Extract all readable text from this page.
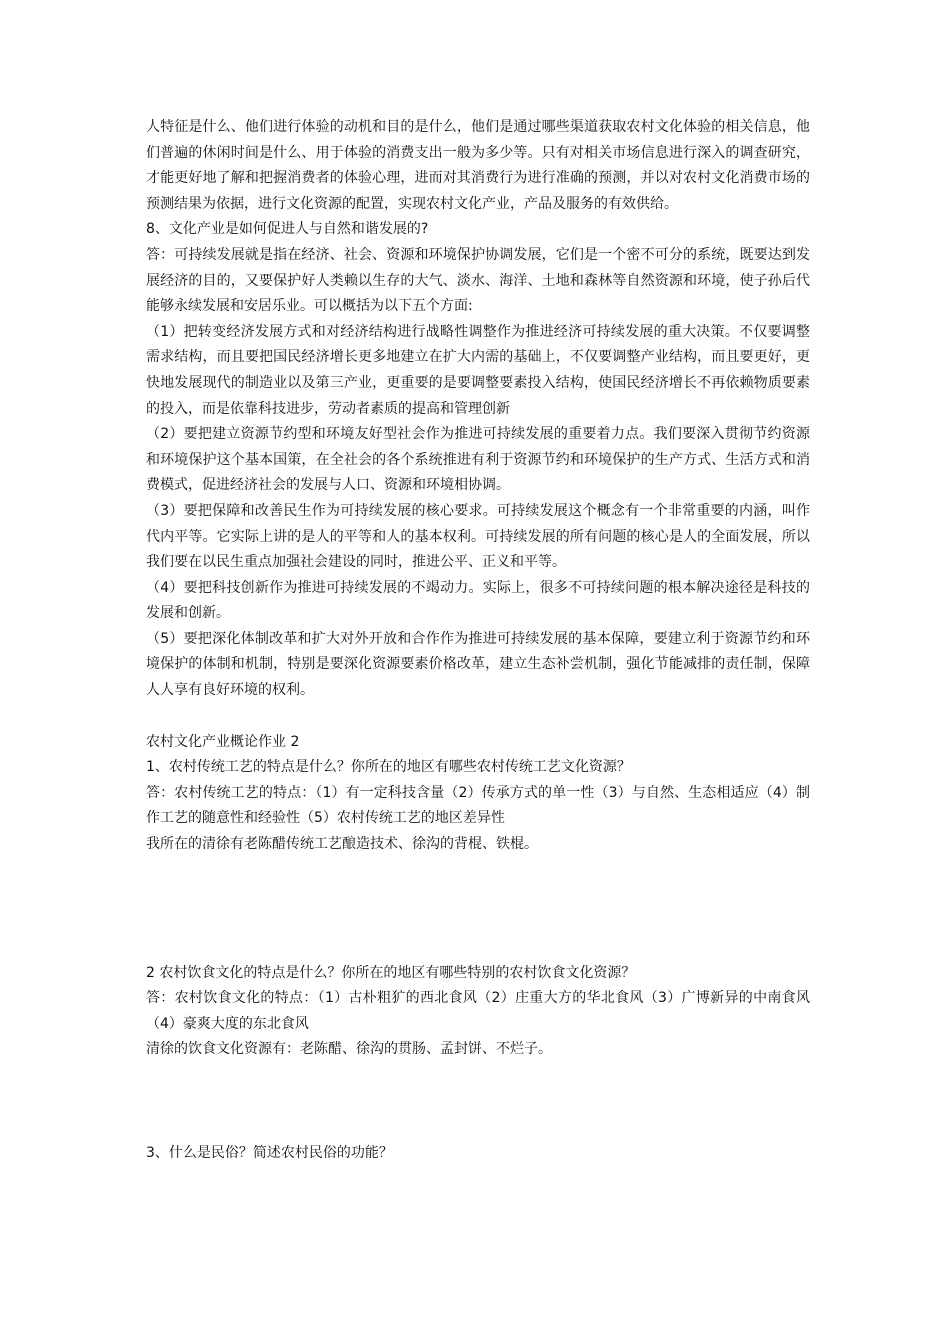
人特征是什么、他们进行体验的动机和目的是什么，他们是通过哪些渠道获取农村文化体验的相关信息，他们普遍的休闲时间是什么、用于体验的消费支出一般为多少等。只有对相关市场信息进行深入的调查研究，才能更好地了解和把握消费者的体验心理，进而对其消费行为进行准确的预测，并以对农村文化消费市场的预测结果为依据，进行文化资源的配置，实现农村文化产业，产品及服务的有效供给。

8、文化产业是如何促进人与自然和谐发展的?

答：可持续发展就是指在经济、社会、资源和环境保护协调发展，它们是一个密不可分的系统，既要达到发展经济的目的，又要保护好人类赖以生存的大气、淡水、海洋、土地和森林等自然资源和环境，使子孙后代能够永续发展和安居乐业。可以概括为以下五个方面:

（1）把转变经济发展方式和对经济结构进行战略性调整作为推进经济可持续发展的重大决策。不仅要调整需求结构，而且要把国民经济增长更多地建立在扩大内需的基础上，不仅要调整产业结构，而且要更好，更快地发展现代的制造业以及第三产业，更重要的是要调整要素投入结构，使国民经济增长不再依赖物质要素的投入，而是依靠科技进步，劳动者素质的提高和管理创新

（2）要把建立资源节约型和环境友好型社会作为推进可持续发展的重要着力点。我们要深入贯彻节约资源和环境保护这个基本国策，在全社会的各个系统推进有利于资源节约和环境保护的生产方式、生活方式和消费模式，促进经济社会的发展与人口、资源和环境相协调。

（3）要把保障和改善民生作为可持续发展的核心要求。可持续发展这个概念有一个非常重要的内涵，叫作代内平等。它实际上讲的是人的平等和人的基本权利。可持续发展的所有问题的核心是人的全面发展，所以我们要在以民生重点加强社会建设的同时，推进公平、正义和平等。

（4）要把科技创新作为推进可持续发展的不竭动力。实际上，很多不可持续问题的根本解决途径是科技的发展和创新。

（5）要把深化体制改革和扩大对外开放和合作作为推进可持续发展的基本保障，要建立利于资源节约和环境保护的体制和机制，特别是要深化资源要素价格改革，建立生态补尝机制，强化节能减排的责任制，保障人人享有良好环境的权利。

农村文化产业概论作业 2

1、农村传统工艺的特点是什么？你所在的地区有哪些农村传统工艺文化资源？

答：农村传统工艺的特点：（1）有一定科技含量（2）传承方式的单一性（3）与自然、生态相适应（4）制作工艺的随意性和经验性（5）农村传统工艺的地区差异性

我所在的清徐有老陈醋传统工艺酿造技术、徐沟的背棍、铁棍。

2 农村饮食文化的特点是什么？你所在的地区有哪些特别的农村饮食文化资源？

答：农村饮食文化的特点：（1）古朴粗犷的西北食风（2）庄重大方的华北食风（3）广博新异的中南食风（4）豪爽大度的东北食风

清徐的饮食文化资源有：老陈醋、徐沟的贯肠、孟封饼、不烂子。

3、什么是民俗？简述农村民俗的功能？
